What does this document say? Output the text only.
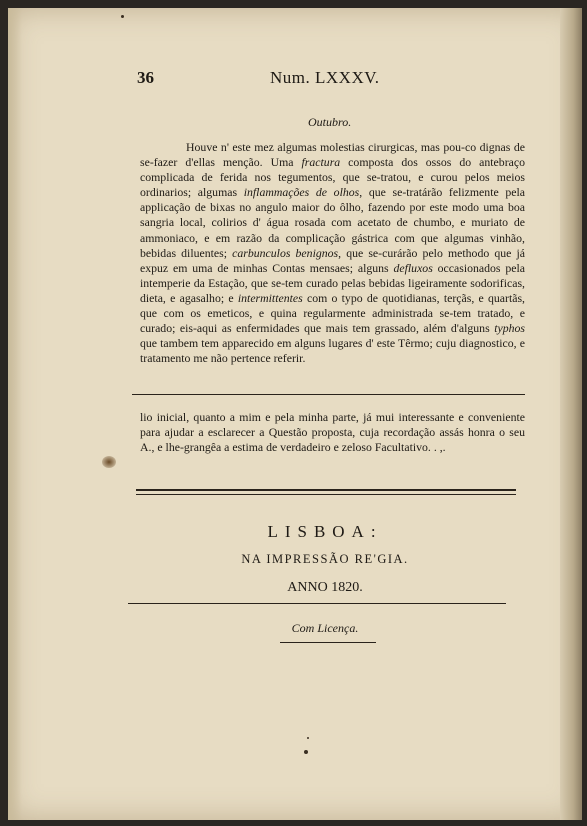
36	Num. LXXXV.
Outubro.
Houve n' este mez algumas molestias cirurgicas, mas pou-co dignas de se-fazer d'ellas menção. Uma fractura composta dos ossos do antebraço complicada de ferida nos tegumentos, que se-tratou, e curou pelos meios ordinarios; algumas inflammações de olhos, que se-tratárão felizmente pela applicação de bixas no angulo maior do ôlho, fazendo por este modo uma boa sangria local, colirios d' água rosada com acetato de chumbo, e muriato de ammoniaco, e em razão da complicação gástrica com que algumas vinhão, bebidas diluentes; carbunculos benignos, que se-curárão pelo methodo que já expuz em uma de minhas Contas mensaes; alguns defluxos occasionados pela intemperie da Estação, que se-tem curado pelas bebidas ligeiramente sodorificas, dieta, e agasalho; e intermittentes com o typo de quotidianas, terçãs, e quartãs, que com os emeticos, e quina regularmente administrada se-tem tratado, e curado; eis-aqui as enfermidades que mais tem grassado, além d'alguns typhos que tambem tem apparecido em alguns lugares d' este Têrmo; cuju diagnostico, e tratamento me não pertence referir.
lio inicial, quanto a mim e pela minha parte, já mui interessante e conveniente para ajudar a esclarecer a Questão proposta, cuja recordação assás honra o seu A., e lhe-grangêa a estima de verdadeiro e zeloso Facultativo. . ,.
LISBOA:
NA IMPRESSÃO RE'GIA.
ANNO 1820.
Com Licença.
